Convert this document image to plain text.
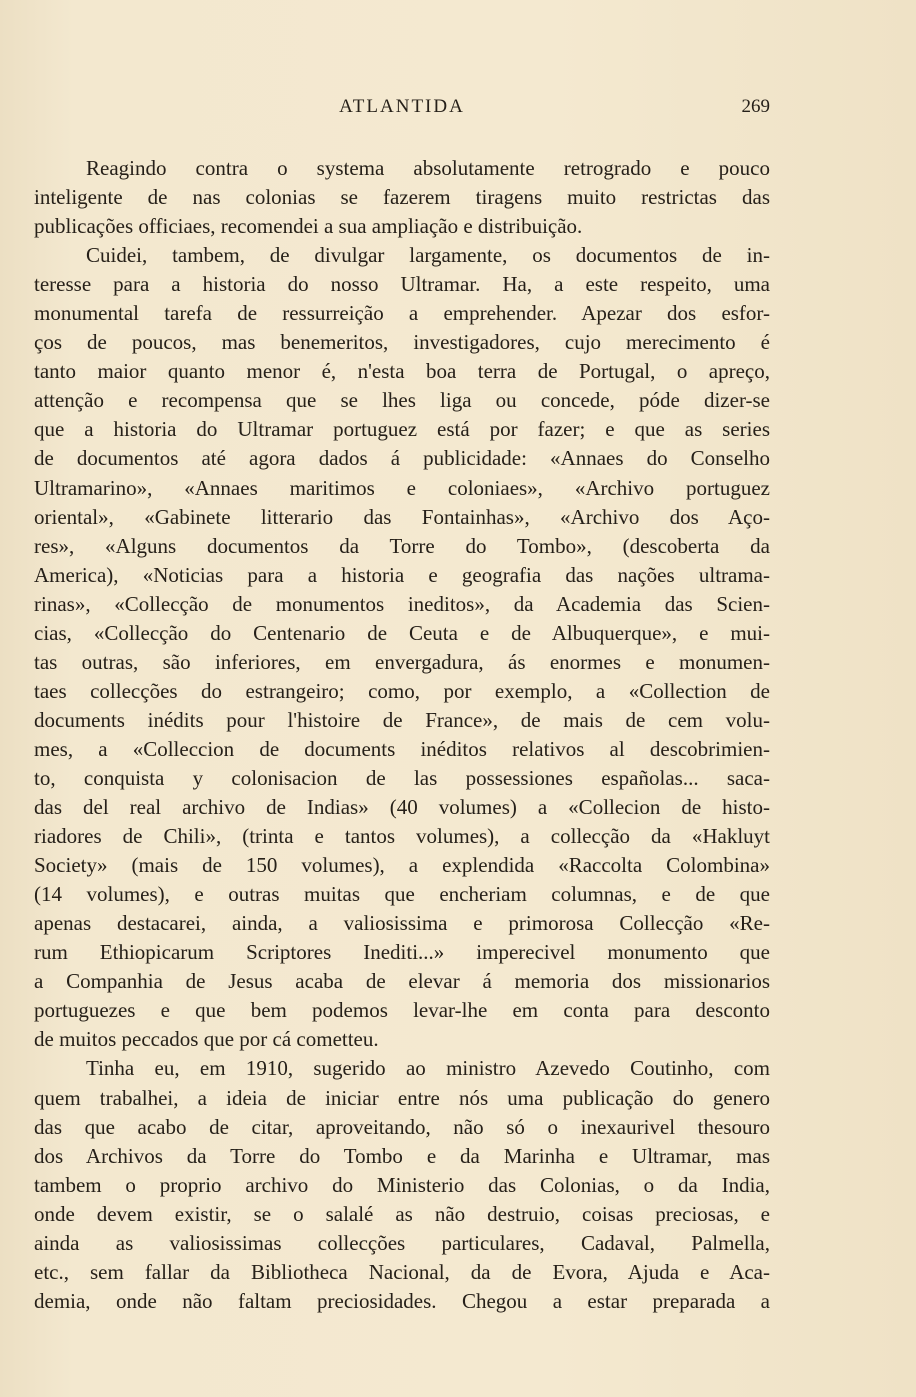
ATLANTIDA	269
Reagindo contra o systema absolutamente retrogrado e pouco
inteligente de nas colonias se fazerem tiragens muito restrictas das
publicações officiaes, recomendei a sua ampliação e distribuição.
Cuidei, tambem, de divulgar largamente, os documentos de in-
teresse para a historia do nosso Ultramar. Ha, a este respeito, uma
monumental tarefa de ressurreição a emprehender. Apezar dos esfor-
ços de poucos, mas benemeritos, investigadores, cujo merecimento é
tanto maior quanto menor é, n'esta boa terra de Portugal, o apreço,
attenção e recompensa que se lhes liga ou concede, póde dizer-se
que a historia do Ultramar portuguez está por fazer; e que as series
de documentos até agora dados á publicidade: «Annaes do Conselho
Ultramarino», «Annaes maritimos e coloniaes», «Archivo portuguez
oriental», «Gabinete litterario das Fontainhas», «Archivo dos Aço-
res», «Alguns documentos da Torre do Tombo», (descoberta da
America), «Noticias para a historia e geografia das nações ultrama-
rinas», «Collecção de monumentos ineditos», da Academia das Scien-
cias, «Collecção do Centenario de Ceuta e de Albuquerque», e mui-
tas outras, são inferiores, em envergadura, ás enormes e monumen-
taes collecções do estrangeiro; como, por exemplo, a «Collection de
documents inédits pour l'histoire de France», de mais de cem volu-
mes, a «Colleccion de documents inéditos relativos al descobrimien-
to, conquista y colonisacion de las possessiones españolas... saca-
das del real archivo de Indias» (40 volumes) a «Collecion de histo-
riadores de Chili», (trinta e tantos volumes), a collecção da «Hakluyt
Society» (mais de 150 volumes), a explendida «Raccolta Colombina»
(14 volumes), e outras muitas que encheriam columnas, e de que
apenas destacarei, ainda, a valiosissima e primorosa Collecção «Re-
rum Ethiopicarum Scriptores Inediti...» imperecivel monumento que
a Companhia de Jesus acaba de elevar á memoria dos missionarios
portuguezes e que bem podemos levar-lhe em conta para desconto
de muitos peccados que por cá cometteu.
Tinha eu, em 1910, sugerido ao ministro Azevedo Coutinho, com
quem trabalhei, a ideia de iniciar entre nós uma publicação do genero
das que acabo de citar, aproveitando, não só o inexaurivel thesouro
dos Archivos da Torre do Tombo e da Marinha e Ultramar, mas
tambem o proprio archivo do Ministerio das Colonias, o da India,
onde devem existir, se o salalé as não destruio, coisas preciosas, e
ainda as valiosissimas collecções particulares, Cadaval, Palmella,
etc., sem fallar da Bibliotheca Nacional, da de Evora, Ajuda e Aca-
demia, onde não faltam preciosidades. Chegou a estar preparada a
